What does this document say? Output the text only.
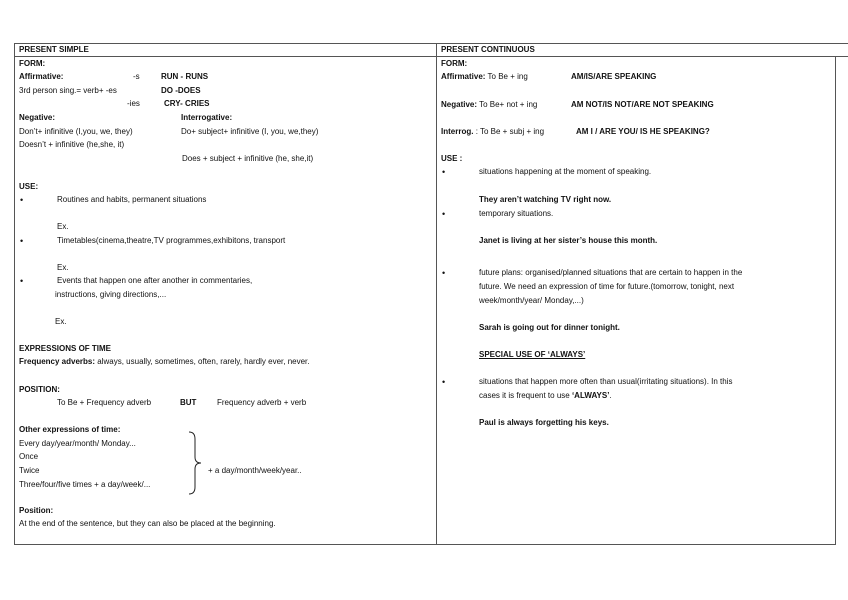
PRESENT SIMPLE
FORM:
Affirmative:	-s	RUN - RUNS
3rd person sing.= verb+ -es	DO -DOES
-ies	CRY- CRIES
Negative:	Interrogative:
Don’t+ infinitive (I,you, we, they)	Do+ subject+ infinitive (I, you, we,they)
Doesn’t + infinitive (he,she, it)
Does + subject + infinitive (he, she,it)
USE:
•	Routines and habits, permanent situations
Ex.
•	Timetables(cinema,theatre,TV programmes,exhibitons, transport
Ex.
•	Events that happen one after another in commentaries,
instructions, giving directions,...
Ex.
EXPRESSIONS OF TIME
Frequency adverbs: always, usually, sometimes, often, rarely, hardly ever, never.
POSITION:
To Be + Frequency adverb	BUT	Frequency adverb + verb
Other expressions of time:
Every day/year/month/ Monday...
Once
Twice
Three/four/five times + a day/week/...
+ a day/month/week/year..
Position:
At the end of the sentence, but they can also be placed at the beginning.
PRESENT CONTINUOUS
FORM:
Affirmative: To Be + ing	AM/IS/ARE SPEAKING
Negative: To Be+ not + ing	AM NOT/IS NOT/ARE NOT SPEAKING
Interrog. : To Be + subj + ing	AM I / ARE YOU/ IS HE SPEAKING?
USE :
•	situations happening at the moment of speaking.
They aren’t watching TV right now.
•	temporary situations.
Janet is living at her sister’s house this month.
•	future plans: organised/planned situations that are certain to happen in the
future. We need an expression of time for future.(tomorrow, tonight, next
week/month/year/ Monday,...)
Sarah is going out for dinner tonight.
SPECIAL USE OF ‘ALWAYS’
•	situations that happen more often than usual(irritating situations). In this
cases it is frequent to use ‘ALWAYS’.
Paul is always forgetting his keys.
